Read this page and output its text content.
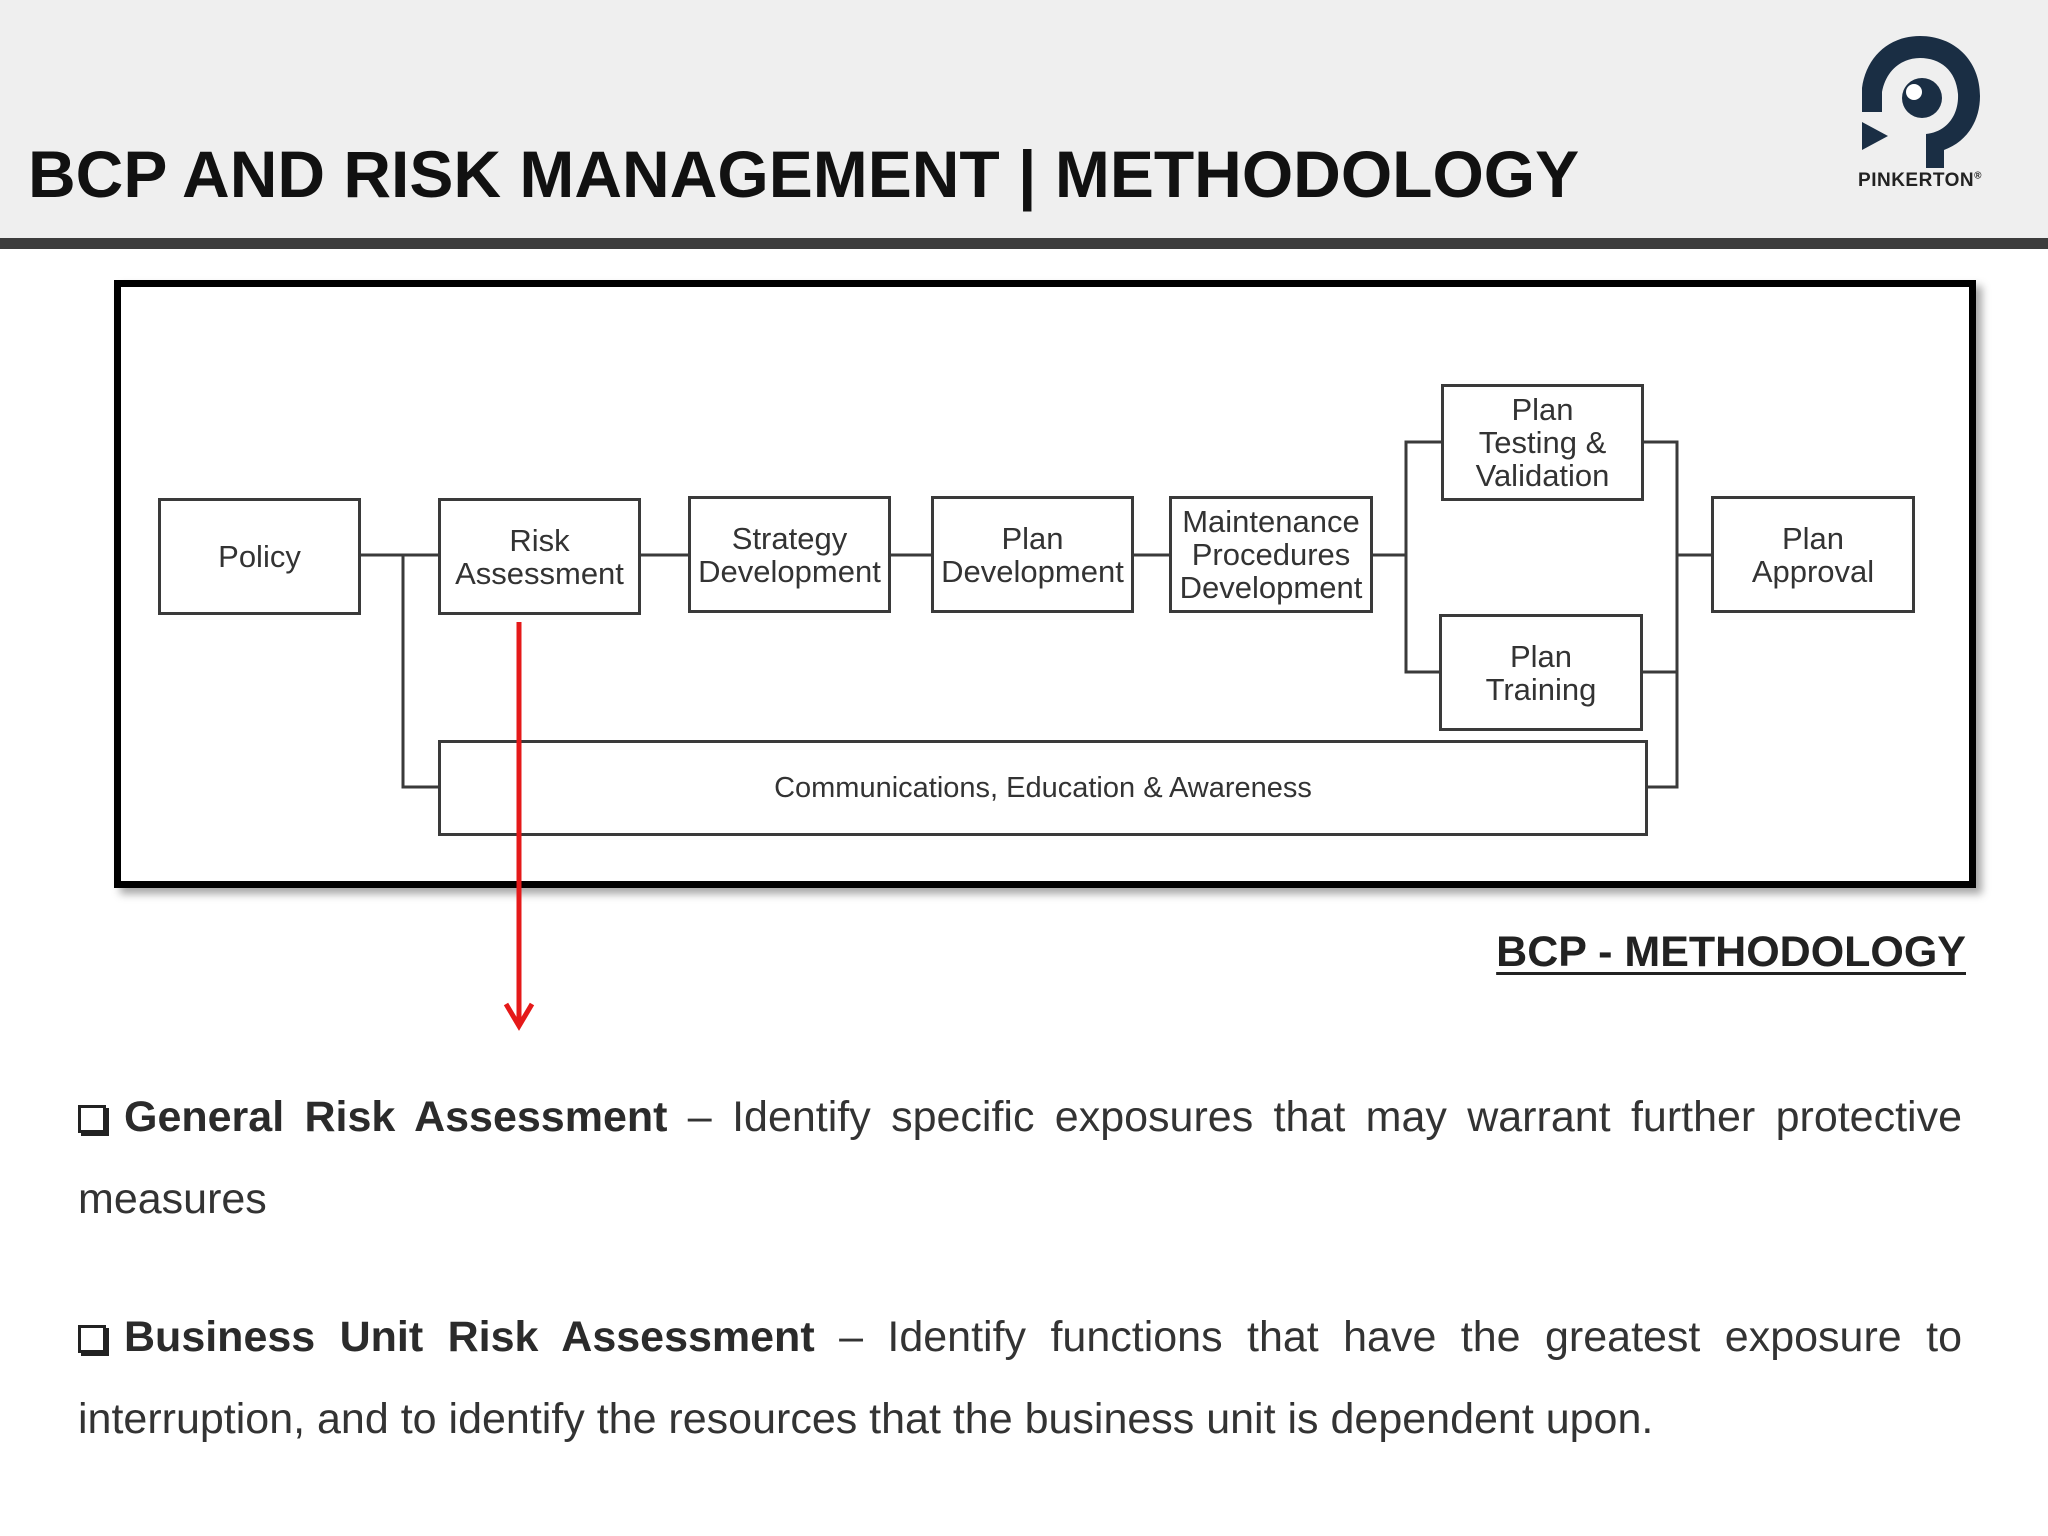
BCP AND RISK MANAGEMENT | METHODOLOGY	PINKERTON®
Policy	Risk
Assessment
Strategy
Development
Plan
Development
Maintenance
Procedures
Development
Plan
Testing &
Validation
Plan
Training
Plan
Approval
Communications, Education & Awareness
BCP - METHODOLOGY
General Risk Assessment – Identify specific exposures that may warrant further protective measures
Business Unit Risk Assessment – Identify functions that have the greatest exposure to interruption, and to identify the resources that the business unit is dependent upon.
